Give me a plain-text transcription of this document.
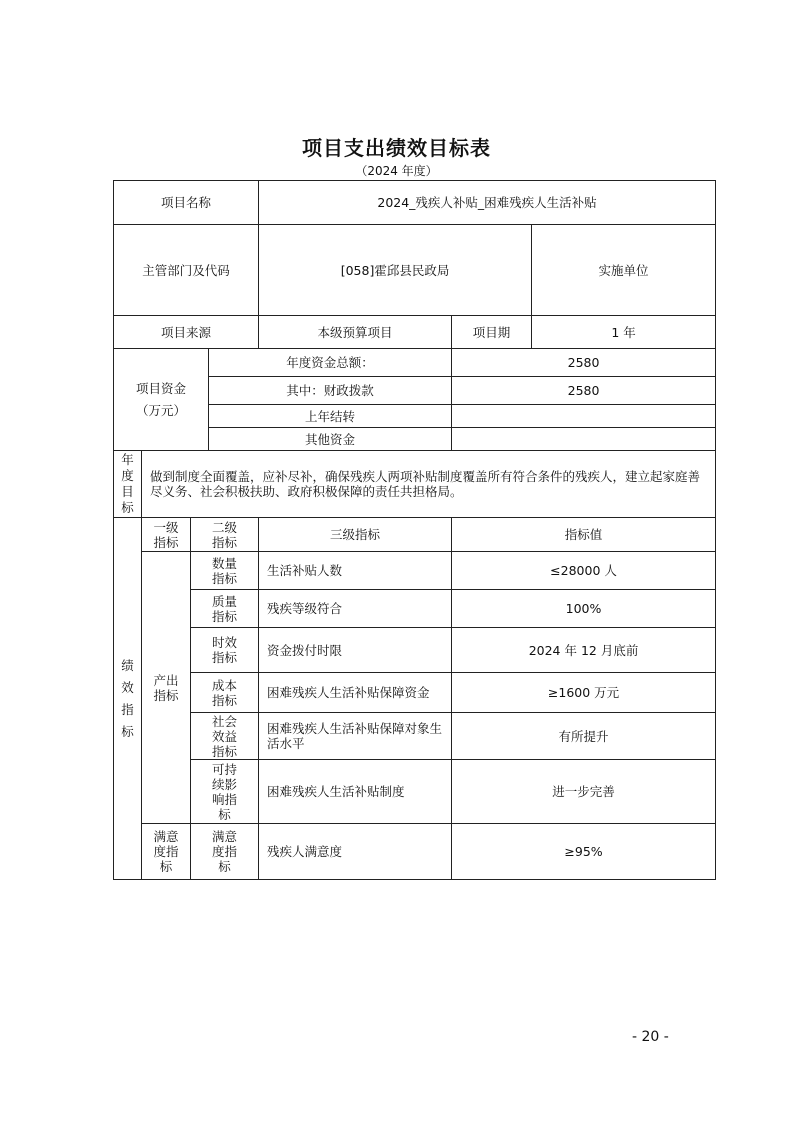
项目支出绩效目标表
（2024 年度）
项目名称				2024_残疾人补贴_困难残疾人生活补贴			
主管部门及代码				[058]霍邱县民政局		实施单位	
项目来源				本级预算项目	项目期	1 年	

项目资金（万元）			年度资金总额：		2580		
			其中：财政拨款		2580		
			上年结转				
			其他资金				

年度目标	做到制度全面覆盖，应补尽补，确保残疾人两项补贴制度覆盖所有符合条件的残疾人，建立起家庭善尽义务、社会积极扶助、政府积极保障的责任共担格局。						

绩效指标	一级指标	二级指标		三级指标	指标值		

	产出指标	数量指标		生活补贴人数	≤28000 人		

		质量指标		残疾等级符合	100%		

		时效指标		资金拨付时限	2024 年 12 月底前		

		成本指标		困难残疾人生活补贴保障资金	≥1600 万元		

		社会效益指标		困难残疾人生活补贴保障对象生活水平	有所提升		

		可持续影响指标		困难残疾人生活补贴制度	进一步完善		

	满意度指标	满意度指标		残疾人满意度	≥95%		
- 20 -
